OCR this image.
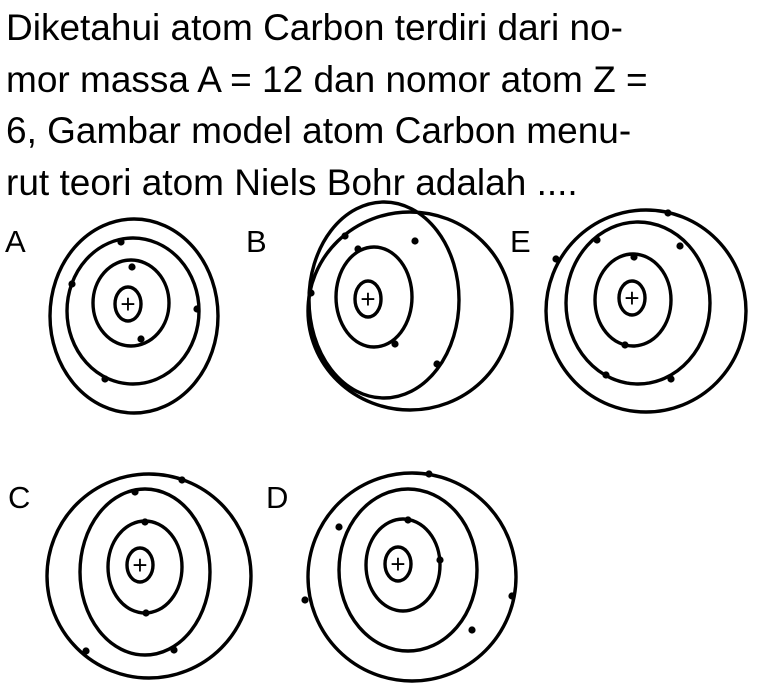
Diketahui atom Carbon terdiri dari no-
mor massa A = 12 dan nomor atom Z =
6, Gambar model atom Carbon menu-
rut teori atom Niels Bohr adalah ....

A	B	E
C	D
+	+	+
+	+
